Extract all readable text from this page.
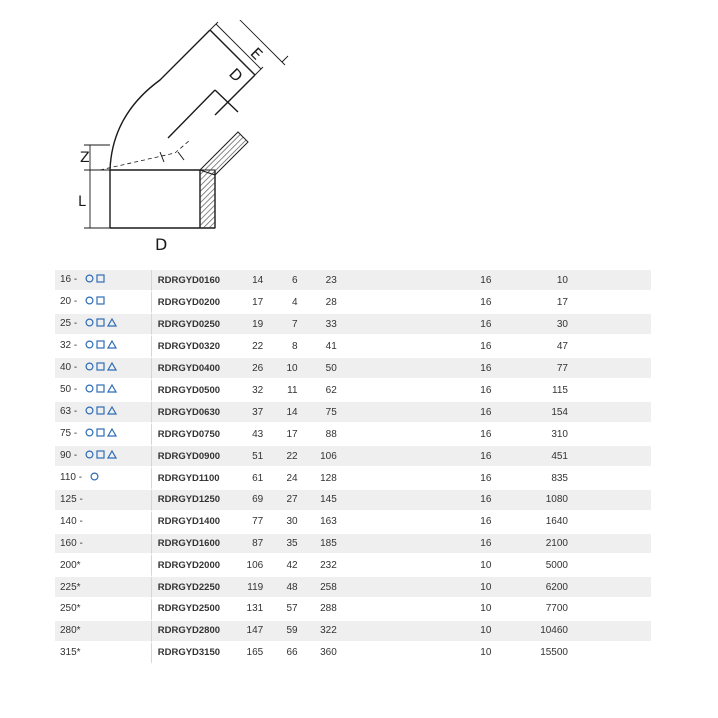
Z
L
D
D
E
16 -	RDRGYD0160	14	6	23	16	10
20 -	RDRGYD0200	17	4	28	16	17
25 -	RDRGYD0250	19	7	33	16	30
32 -	RDRGYD0320	22	8	41	16	47
40 -	RDRGYD0400	26	10	50	16	77
50 -	RDRGYD0500	32	11	62	16	115
63 -	RDRGYD0630	37	14	75	16	154
75 -	RDRGYD0750	43	17	88	16	310
90 -	RDRGYD0900	51	22	106	16	451
110 -	RDRGYD1100	61	24	128	16	835
125 -	RDRGYD1250	69	27	145	16	1080
140 -	RDRGYD1400	77	30	163	16	1640
160 -	RDRGYD1600	87	35	185	16	2100
200*	RDRGYD2000	106	42	232	10	5000
225*	RDRGYD2250	119	48	258	10	6200
250*	RDRGYD2500	131	57	288	10	7700
280*	RDRGYD2800	147	59	322	10	10460
315*	RDRGYD3150	165	66	360	10	15500
